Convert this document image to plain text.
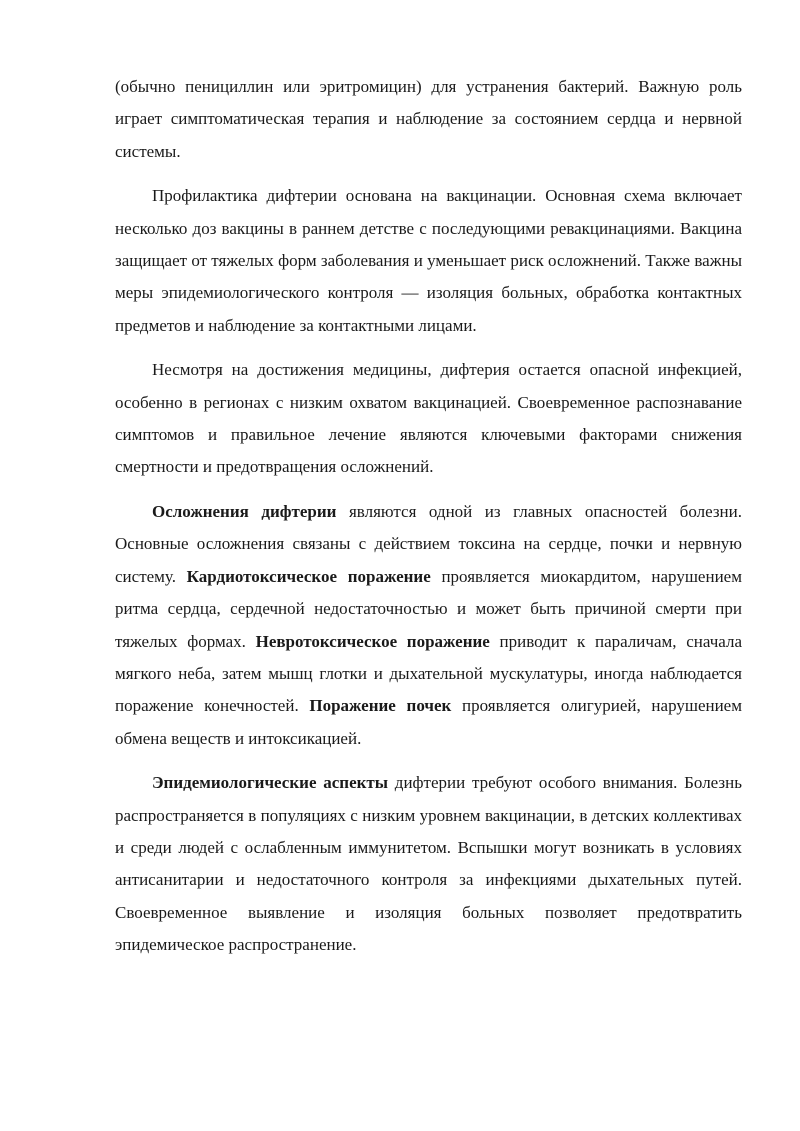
(обычно пенициллин или эритромицин) для устранения бактерий. Важную роль играет симптоматическая терапия и наблюдение за состоянием сердца и нервной системы.

Профилактика дифтерии основана на вакцинации. Основная схема включает несколько доз вакцины в раннем детстве с последующими ревакцинациями. Вакцина защищает от тяжелых форм заболевания и уменьшает риск осложнений. Также важны меры эпидемиологического контроля — изоляция больных, обработка контактных предметов и наблюдение за контактными лицами.

Несмотря на достижения медицины, дифтерия остается опасной инфекцией, особенно в регионах с низким охватом вакцинацией. Своевременное распознавание симптомов и правильное лечение являются ключевыми факторами снижения смертности и предотвращения осложнений.

Осложнения дифтерии являются одной из главных опасностей болезни. Основные осложнения связаны с действием токсина на сердце, почки и нервную систему. Кардиотоксическое поражение проявляется миокардитом, нарушением ритма сердца, сердечной недостаточностью и может быть причиной смерти при тяжелых формах. Невротоксическое поражение приводит к параличам, сначала мягкого неба, затем мышц глотки и дыхательной мускулатуры, иногда наблюдается поражение конечностей. Поражение почек проявляется олигурией, нарушением обмена веществ и интоксикацией.

Эпидемиологические аспекты дифтерии требуют особого внимания. Болезнь распространяется в популяциях с низким уровнем вакцинации, в детских коллективах и среди людей с ослабленным иммунитетом. Вспышки могут возникать в условиях антисанитарии и недостаточного контроля за инфекциями дыхательных путей. Своевременное выявление и изоляция больных позволяет предотвратить эпидемическое распространение.
